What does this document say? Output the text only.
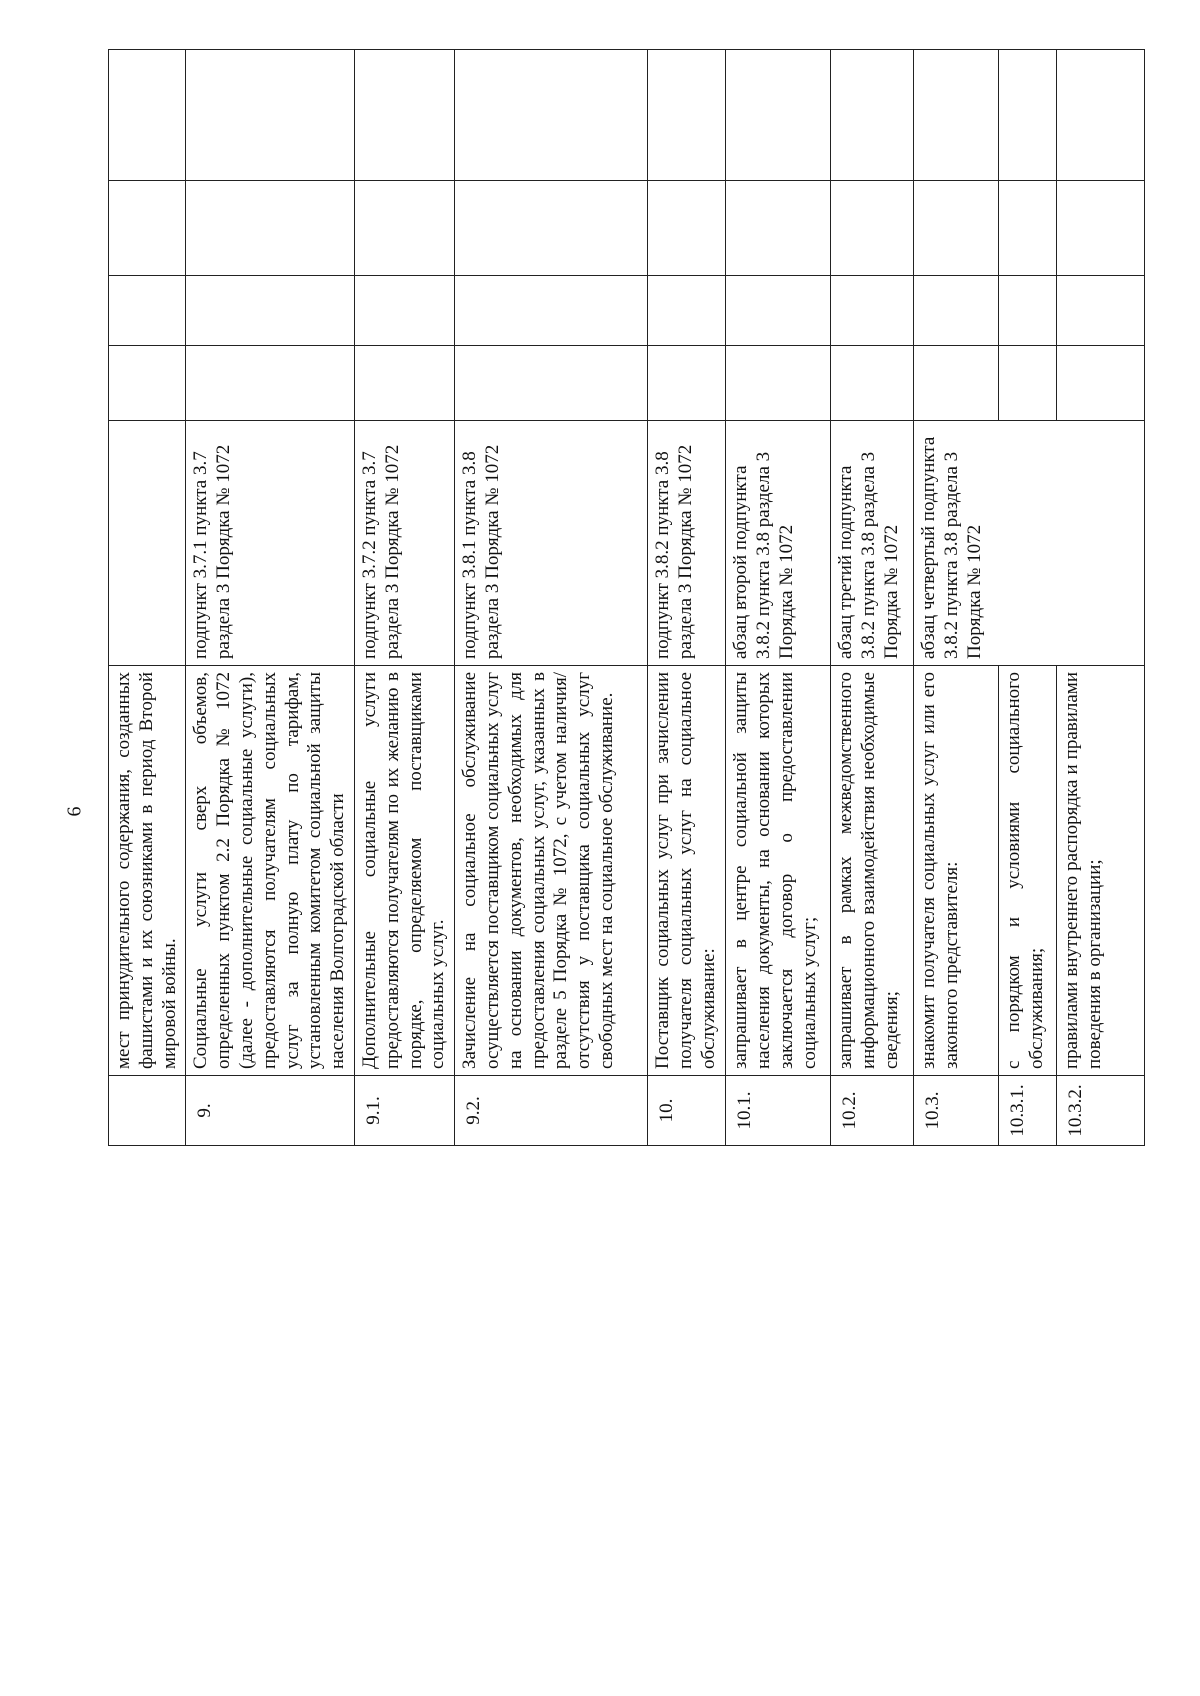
6
	мест принудительного содержания, созданных фашистами и их союзниками в период Второй мировой войны.					
9.	Социальные услуги сверх объемов, определенных пунктом 2.2 Порядка № 1072 (далее - дополнительные социальные услуги), предоставляются получателям социальных услуг за полную плату по тарифам, установленным комитетом социальной защиты населения Волгоградской области	подпункт 3.7.1 пункта 3.7 раздела 3 Порядка № 1072				
9.1.	Дополнительные социальные услуги предоставляются получателям по их желанию в порядке, определяемом поставщиками социальных услуг.	подпункт 3.7.2 пункта 3.7 раздела 3 Порядка № 1072				
9.2.	Зачисление на социальное обслуживание осуществляется поставщиком социальных услуг на основании документов, необходимых для предоставления социальных услуг, указанных в разделе 5 Порядка № 1072, с учетом наличия/отсутствия у поставщика социальных услуг свободных мест на социальное обслуживание.	подпункт 3.8.1 пункта 3.8 раздела 3 Порядка № 1072				
10.	Поставщик социальных услуг при зачислении получателя социальных услуг на социальное обслуживание:	подпункт 3.8.2 пункта 3.8 раздела 3 Порядка № 1072				
10.1.	запрашивает в центре социальной защиты населения документы, на основании которых заключается договор о предоставлении социальных услуг;	абзац второй подпункта 3.8.2 пункта 3.8 раздела 3 Порядка № 1072				
10.2.	запрашивает в рамках межведомственного информационного взаимодействия необходимые сведения;	абзац третий подпункта 3.8.2 пункта 3.8 раздела 3 Порядка № 1072				
10.3.	знакомит получателя социальных услуг или его законного представителя:	абзац четвертый подпункта 3.8.2 пункта 3.8 раздела 3 Порядка № 1072				
10.3.1.	с порядком и условиями социального обслуживания;					
10.3.2.	правилами внутреннего распорядка и правилами поведения в организации;					
